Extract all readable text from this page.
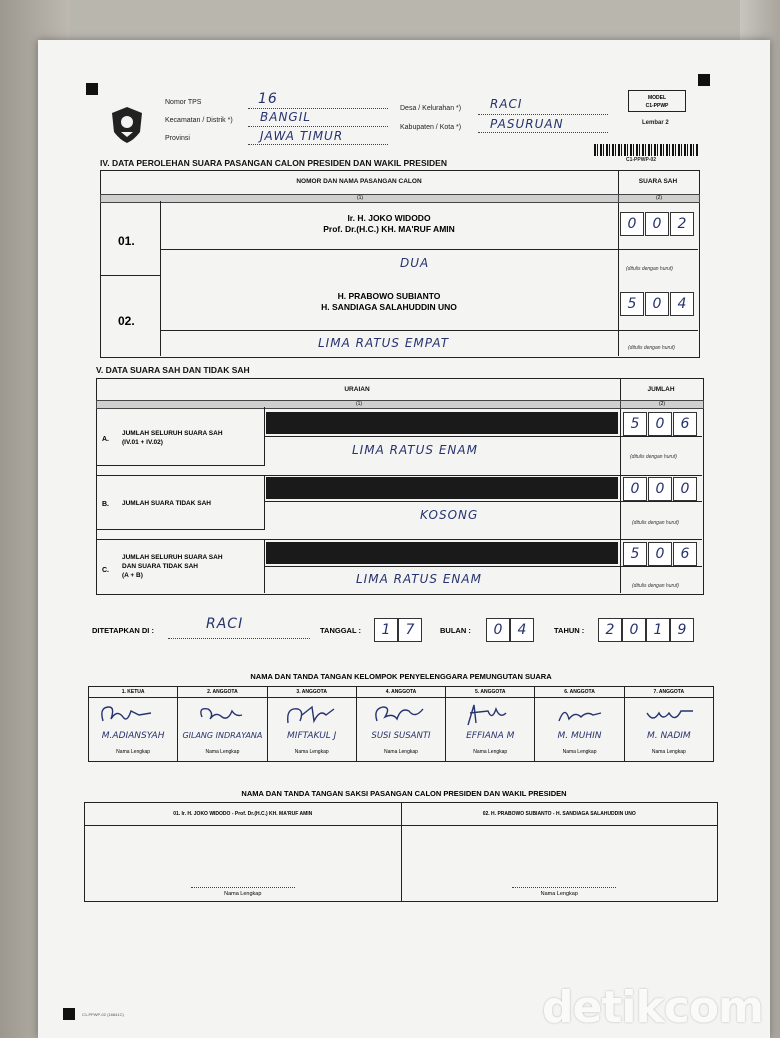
Nomor TPS	16
Kecamatan / Distrik *) BANGIL
Provinsi	JAWA TIMUR
Desa / Kelurahan *) RACI
Kabupaten / Kota *) PASURUAN
MODEL
C1-PPWP
Lembar 2
C1-PPWP-02
IV. DATA PEROLEHAN SUARA PASANGAN CALON PRESIDEN DAN WAKIL PRESIDEN
NOMOR DAN NAMA PASANGAN CALON	SUARA SAH
(1)	(2)
01.
Ir. H. JOKO WIDODO
Prof. Dr.(H.C.) KH. MA'RUF AMIN	0	0	2
DUA	(ditulis dengan huruf)
02.
H. PRABOWO SUBIANTO
H. SANDIAGA SALAHUDDIN UNO	5	0	4
LIMA RATUS EMPAT	(ditulis dengan huruf)
V. DATA SUARA SAH DAN TIDAK SAH
URAIAN	JUMLAH
(1)	(2)
A.
JUMLAH SELURUH SUARA SAH
(IV.01 + IV.02)
5	0	6
LIMA RATUS ENAM	(ditulis dengan huruf)
B. JUMLAH SUARA TIDAK SAH
0	0	0
KOSONG
(ditulis dengan huruf)
C.
JUMLAH SELURUH SUARA SAH
DAN SUARA TIDAK SAH
(A + B)
5	0	6
LIMA RATUS ENAM	(ditulis dengan huruf)
DITETAPKAN DI :	RACI	TANGGAL :	1	7	BULAN :	0	4	TAHUN :	2	0	1	9
NAMA DAN TANDA TANGAN KELOMPOK PENYELENGGARA PEMUNGUTAN SUARA
1. KETUA
M.ADIANSYAH
Nama Lengkap
2. ANGGOTA
GILANG INDRAYANA
Nama Lengkap
3. ANGGOTA
MIFTAKUL J
Nama Lengkap
4. ANGGOTA
SUSI SUSANTI
Nama Lengkap
5. ANGGOTA
EFFIANA M
Nama Lengkap
6. ANGGOTA
M. MUHIN
Nama Lengkap
7. ANGGOTA
M. NADIM
Nama Lengkap
NAMA DAN TANDA TANGAN SAKSI PASANGAN CALON PRESIDEN DAN WAKIL PRESIDEN
01. Ir. H. JOKO WIDODO - Prof. Dr.(H.C.) KH. MA'RUF AMIN
Nama Lengkap
02. H. PRABOWO SUBIANTO - H. SANDIAGA SALAHUDDIN UNO
Nama Lengkap
C1-PPWP-02 (16841C)	detikcom
